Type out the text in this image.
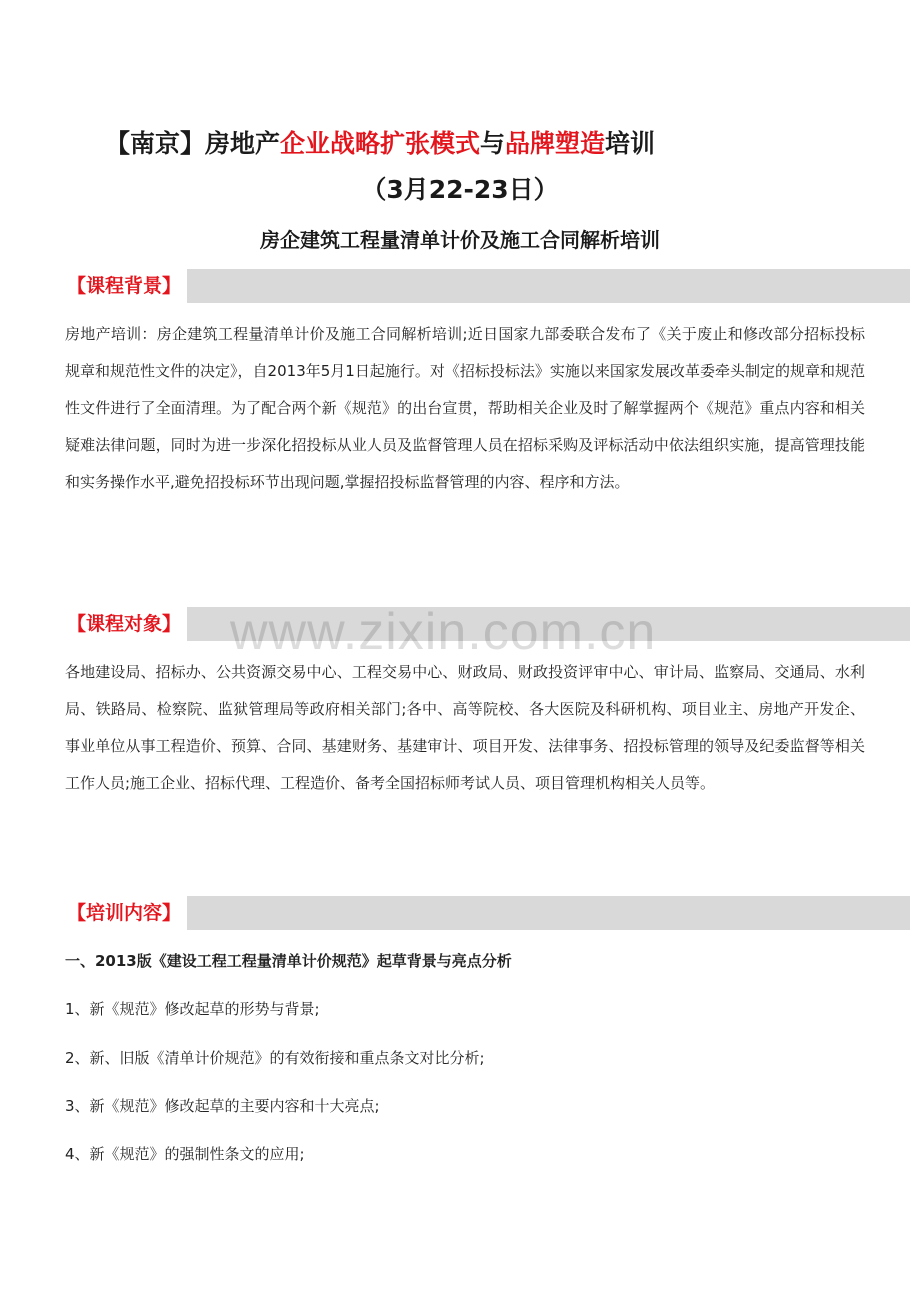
【南京】房地产企业战略扩张模式与品牌塑造培训
（3月22-23日）
房企建筑工程量清单计价及施工合同解析培训
【课程背景】
房地产培训：房企建筑工程量清单计价及施工合同解析培训;近日国家九部委联合发布了《关于废止和修改部分招标投标规章和规范性文件的决定》，自2013年5月1日起施行。对《招标投标法》实施以来国家发展改革委牵头制定的规章和规范性文件进行了全面清理。为了配合两个新《规范》的出台宣贯，帮助相关企业及时了解掌握两个《规范》重点内容和相关疑难法律问题，同时为进一步深化招投标从业人员及监督管理人员在招标采购及评标活动中依法组织实施，提高管理技能和实务操作水平,避免招投标环节出现问题,掌握招投标监督管理的内容、程序和方法。
【课程对象】
各地建设局、招标办、公共资源交易中心、工程交易中心、财政局、财政投资评审中心、审计局、监察局、交通局、水利局、铁路局、检察院、监狱管理局等政府相关部门;各中、高等院校、各大医院及科研机构、项目业主、房地产开发企、事业单位从事工程造价、预算、合同、基建财务、基建审计、项目开发、法律事务、招投标管理的领导及纪委监督等相关工作人员;施工企业、招标代理、工程造价、备考全国招标师考试人员、项目管理机构相关人员等。
【培训内容】
一、2013版《建设工程工程量清单计价规范》起草背景与亮点分析
1、新《规范》修改起草的形势与背景;
2、新、旧版《清单计价规范》的有效衔接和重点条文对比分析;
3、新《规范》修改起草的主要内容和十大亮点;
4、新《规范》的强制性条文的应用;
www.zixin.com.cn
